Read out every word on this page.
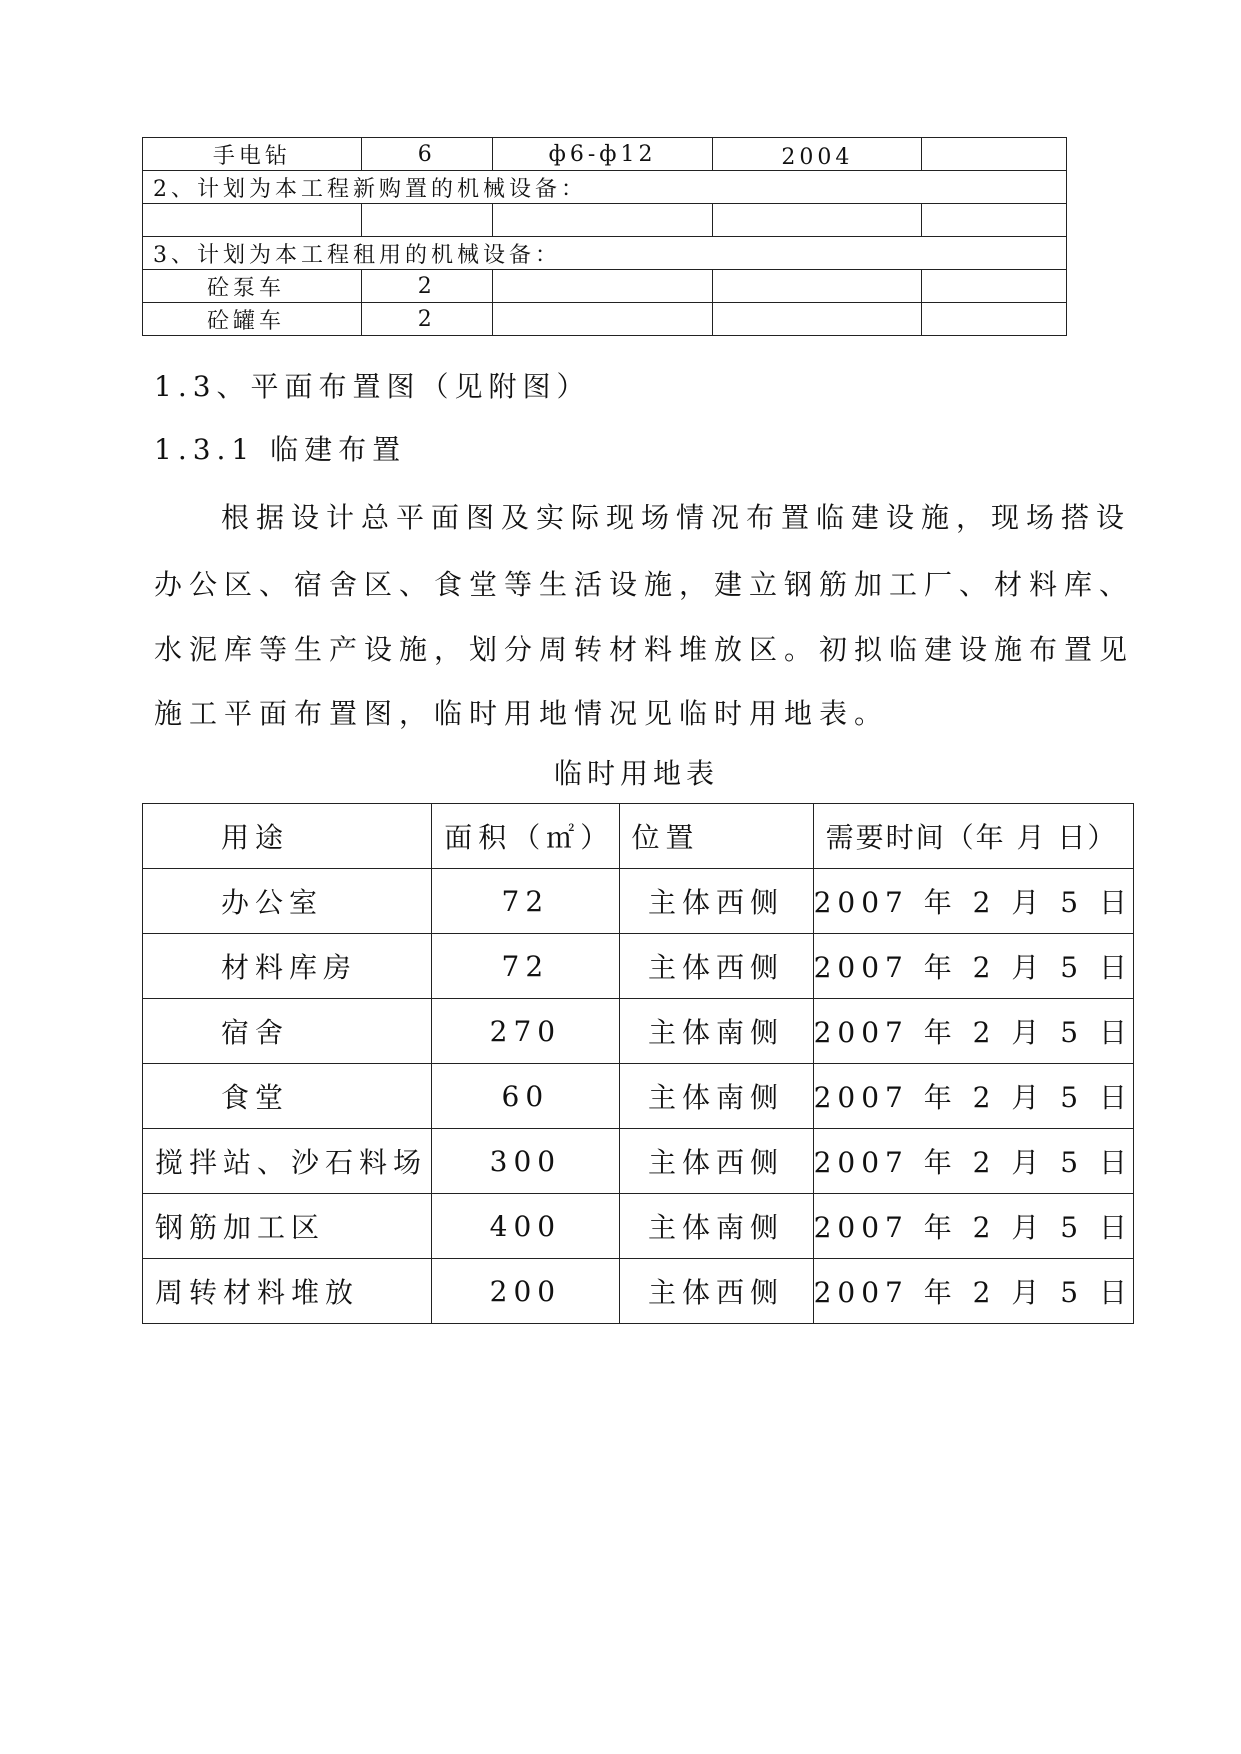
手电钻	6	ф6-ф12	2004	
2、计划为本工程新购置的机械设备：				

3、计划为本工程租用的机械设备：				
砼泵车	2			
砼罐车	2			
1.3、平面布置图（见附图）
1.3.1 临建布置
根据设计总平面图及实际现场情况布置临建设施，现场搭设
办公区、宿舍区、食堂等生活设施，建立钢筋加工厂、材料库、
水泥库等生产设施，划分周转材料堆放区。初拟临建设施布置见
施工平面布置图，临时用地情况见临时用地表。
临时用地表
用途	面积（㎡）	位置	需要时间（年 月 日）
办公室	72	主体西侧	2007 年 2 月 5 日
材料库房	72	主体西侧	2007 年 2 月 5 日
宿舍	270	主体南侧	2007 年 2 月 5 日
食堂	60	主体南侧	2007 年 2 月 5 日
搅拌站、沙石料场	300	主体西侧	2007 年 2 月 5 日
钢筋加工区	400	主体南侧	2007 年 2 月 5 日
周转材料堆放	200	主体西侧	2007 年 2 月 5 日
